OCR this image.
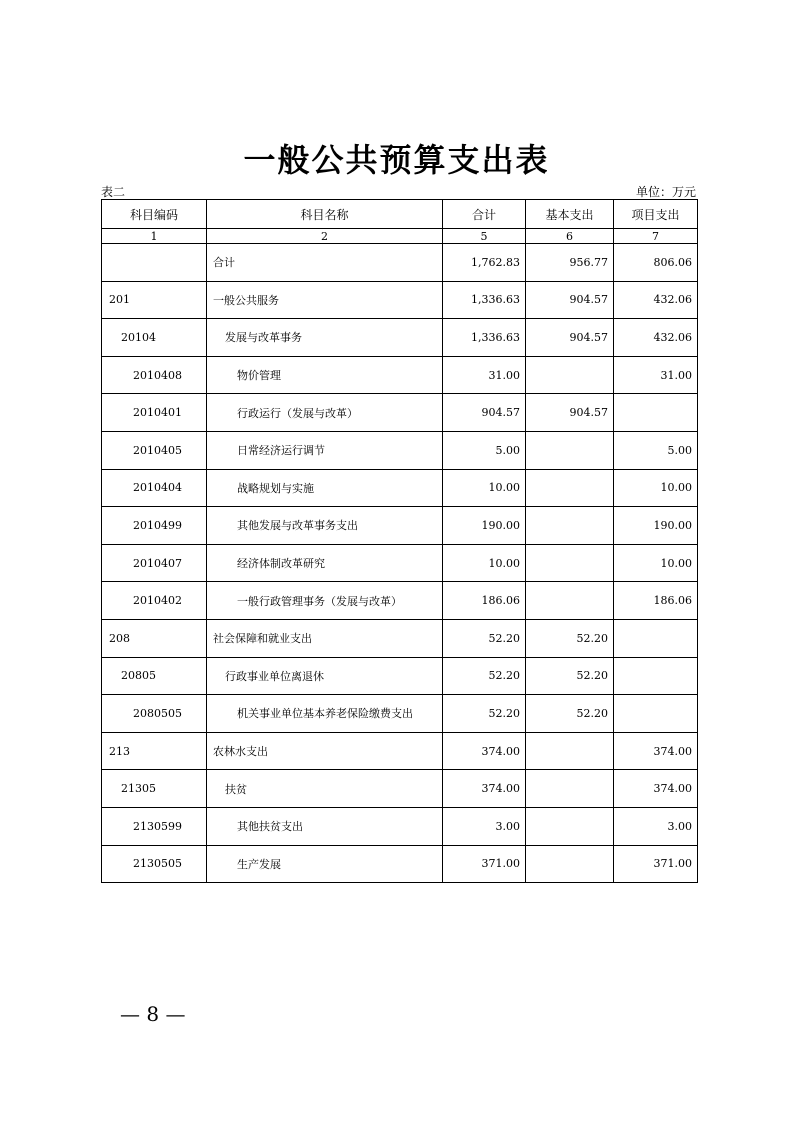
一般公共预算支出表
表二	单位：万元
科目编码	科目名称	合计	基本支出	项目支出
1	2	5	6	7
	合计	1,762.83	956.77	806.06
201	一般公共服务	1,336.63	904.57	432.06
20104	发展与改革事务	1,336.63	904.57	432.06
2010408	物价管理	31.00		31.00
2010401	行政运行（发展与改革）	904.57	904.57	
2010405	日常经济运行调节	5.00		5.00
2010404	战略规划与实施	10.00		10.00
2010499	其他发展与改革事务支出	190.00		190.00
2010407	经济体制改革研究	10.00		10.00
2010402	一般行政管理事务（发展与改革）	186.06		186.06
208	社会保障和就业支出	52.20	52.20	
20805	行政事业单位离退休	52.20	52.20	
2080505	机关事业单位基本养老保险缴费支出	52.20	52.20	
213	农林水支出	374.00		374.00
21305	扶贫	374.00		374.00
2130599	其他扶贫支出	3.00		3.00
2130505	生产发展	371.00		371.00
— 8 —
